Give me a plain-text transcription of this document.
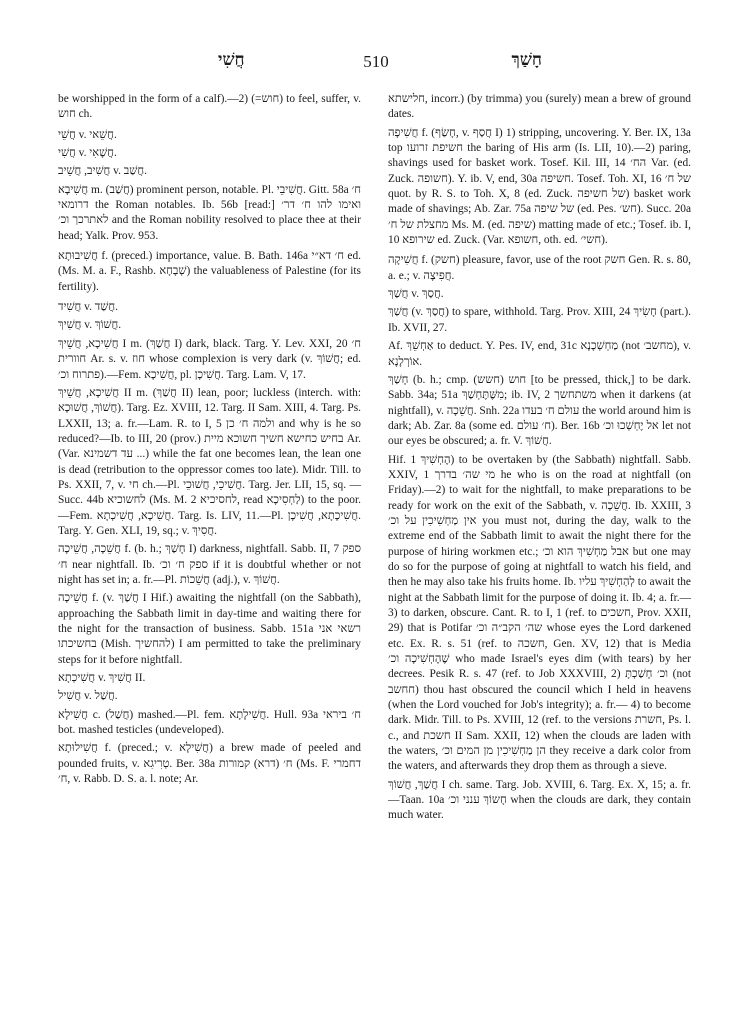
חֲשִׁי	510	חָשַׁךְ

be worshipped in the form of a calf).—2) (=חוש) to feel, suffer, v. חוש ch.

חֲשֵׁי v. חֲשֵׁאי.

חֲשִׁי v. חֲשָׁאִי.

חֲשִׁיב, חֲשֵׁיב v. חֲשַׁב.

חֲשִׁיבָא m. (חֲשַׁב) prominent person, notable. Pl. חֲשִׁיבֵי. Gitt. 58a ח׳ דרומאי the Roman notables. Ib. 56b [read:] ואימו להו ח׳ דר׳ לאתרכך וכ׳ and the Roman nobility resolved to place thee at their head; Yalk. Prov. 953.

חֲשִׁיבוּתָא f. (preced.) importance, value. B. Bath. 146a ח׳ דא״י ed. (Ms. M. a. F., Rashb. שְׁבָחָא) the valuableness of Palestine (for its fertility).

חֲשִׁיד v. חֲשַׁד.

חֲשִׁיךְ v. חֲשׁוֹךְ.

חֲשִׁיכָא, חֲשֵׁיךְ I m. (חֲשַׁךְ I) dark, black. Targ. Y. Lev. XXI, 20 ח׳ חוורית Ar. s. v. חוז whose complexion is very dark (v. חֲשׁוֹךְ; ed. פתרוח וכ׳).—Fem. חֲשִׁיכָא, pl. חֲשִׁיכָן. Targ. Lam. V, 17.

חֲשִׁיכָא, חֲשֵׁיךְ II m. (חֲשַׁךְ II) lean, poor; luckless (interch. with: חֲשׁוֹךְ, חֲשׁוּכָא). Targ. Ez. XVIII, 12. Targ. II Sam. XIII, 4. Targ. Ps. LXXII, 13; a. fr.—Lam. R. to I, 5 ולמה ח׳ כן and why is he so reduced?—Ib. to III, 20 (prov.) בחיש כחישא חשיך חשוכא מיית Ar. (Var. עד דשמינא ...) while the fat one becomes lean, the lean one is dead (retribution to the oppressor comes too late). Midr. Till. to Ps. XXII, 7, v. חי ch.—Pl. חֲשִׁיכֵי, חֲשׁוּכֵי. Targ. Jer. LII, 15, sq. — Succ. 44b לחשוכיא (Ms. M. 2 לחסיכיא, read לַחְסִיכָא) to the poor.—Fem. חֲשִׁיכָא, חֲשִׁיכְתָא. Targ. Is. LIV, 11.—Pl. חֲשִׁיכָתָא, חֲשִׁיכָן. Targ. Y. Gen. XLI, 19, sq.; v. חֲסִיךְ.

חֲשֵׁכָה, חֲשֵׁיכָה f. (b. h.; חָשַׁךְ I) darkness, nightfall. Sabb. II, 7 ספק ח׳ near nightfall. Ib. ספק ח׳ וכ׳ if it is doubtful whether or not night has set in; a. fr.—Pl. חֲשֵׁכוֹת (adj.), v. חֲשׁוֹךְ.

חֲשֵׁיכָה f. (v. חֲשַׁךְ I Hif.) awaiting the nightfall (on the Sabbath), approaching the Sabbath limit in day-time and waiting there for the night for the transaction of business. Sabb. 151a רשאי אני בחשיכתו (Mish. להחשיך) I am permitted to take the preliminary steps for it before nightfall.

חֲשִׁיכְתָא v. חֲשִׁיךְ II.

חֲשִׁיל v. חֲשַׁל.

חֲשִׁילָא c. (חֲשַׁל) mashed.—Pl. fem. חֲשִׁילָתָא. Hull. 93a ח׳ ביראי bot. mashed testicles (undeveloped).

חֲשִׁילוּתָא f. (preced.; v. חֲשִׁילָא) a brew made of peeled and pounded fruits, v. טְרִיגִא. Ber. 38a ח׳ (דרא) קמורות (Ms. F. דחמרי ח׳, v. Rabb. D. S. a. l. note; Ar.

חלישתא, incorr.) (by trimma) you (surely) mean a brew of ground dates.

חֲשִׁיפָה f. (חָשַׂף, v. חֲסַף I) 1) stripping, uncovering. Y. Ber. IX, 13a top חשיפת זרועו the baring of His arm (Is. LII, 10).—2) paring, shavings used for basket work. Tosef. Kil. III, 14 הח׳ Var. (ed. Zuck. חשופה). Y. ib. V, end, 30a חשיפה. Tosef. Toh. XI, 16 של ח׳ quot. by R. S. to Toh. X, 8 (ed. Zuck. של חשיפה) basket work made of shavings; Ab. Zar. 75a של שיפה (ed. Pes. חש׳). Succ. 20a מחצלת של ח׳ Ms. M. (ed. שיפה) matting made of etc.; Tosef. ib. I, 10 שירופא ed. Zuck. (Var. חשופא, oth. ed. חשי׳).

חֲשִׁיקָה f. (חשק) pleasure, favor, use of the root חשק Gen. R. s. 80, a. e.; v. חֲפִיצָה.

חֲשַׁךְ v. חֲסַךְ.

חֲשַׁךְ (v. חֲסַךְ) to spare, withhold. Targ. Prov. XIII, 24 חָשִׂיךְ (part.). Ib. XVII, 27.

Af. אַחְשֵׁךְ to deduct. Y. Pes. IV, end, 31c מַחְשְׁכָנָא (not מחשב׳), v. אוֹרְלָנָא.

חָשַׁךְ (b. h.; cmp. חוש (חשש) [to be pressed, thick,] to be dark. Sabb. 34a; 51a מִשֶּׁתֶּחְשַׁךְ; ib. IV, 2 משתחשך when it darkens (at nightfall), v. חֲשֵׁכָה. Snh. 22a עולם ח׳ בעדו the world around him is dark; Ab. Zar. 8a (some ed. ח׳ עולם). Ber. 16b אל יֶחְשְׁכוּ וכ׳ let not our eyes be obscured; a. fr. V. חֲשׁוֹךְ.

Hif. הֶחְשִׁיךְ 1) to be overtaken by (the Sabbath) nightfall. Sabb. XXIV, 1 מי שה׳ בדרך he who is on the road at nightfall (on Friday).—2) to wait for the nightfall, to make preparations to be ready for work on the exit of the Sabbath, v. חֲשֵׁכָה. Ib. XXIII, 3 אין מַחְשִׁיכִין על וכ׳ you must not, during the day, walk to the extreme end of the Sabbath limit to await the night there for the purpose of hiring workmen etc.; אבל מַחְשִׁיךְ הוא וכ׳ but one may do so for the purpose of going at nightfall to watch his field, and then he may also take his fruits home. Ib. לְהַחְשִׁיךְ עליו to await the night at the Sabbath limit for the purpose of doing it. Ib. 4; a. fr.—3) to darken, obscure. Cant. R. to I, 1 (ref. to חשכים, Prov. XXII, 29) that is Potifar שה׳ הקב״ה וכ׳ whose eyes the Lord darkened etc. Ex. R. s. 51 (ref. to חשכה, Gen. XV, 12) that is Media שֶׁהֶחְשִׁיכָה וכ׳ who made Israel's eyes dim (with tears) by her decrees. Pesik R. s. 47 (ref. to Job XXXVIII, 2) וכ׳ חָשַׁכְתָּ (not חחשב) thou hast obscured the council which I held in heavens (when the Lord vouched for Job's integrity); a. fr.— 4) to become dark. Midr. Till. to Ps. XVIII, 12 (ref. to the versions חשרת, Ps. l. c., and חשכת II Sam. XXII, 12) when the clouds are laden with the waters, הן מַחְשִׁיכִין מן המים וכ׳ they receive a dark color from the waters, and afterwards they drop them as through a sieve.

חֲשַׁךְ, חֲשׁוֹךְ I ch. same. Targ. Job. XVIII, 6. Targ. Ex. X, 15; a. fr.—Taan. 10a חָשוֹךְ ענני וכ׳ when the clouds are dark, they contain much water.
